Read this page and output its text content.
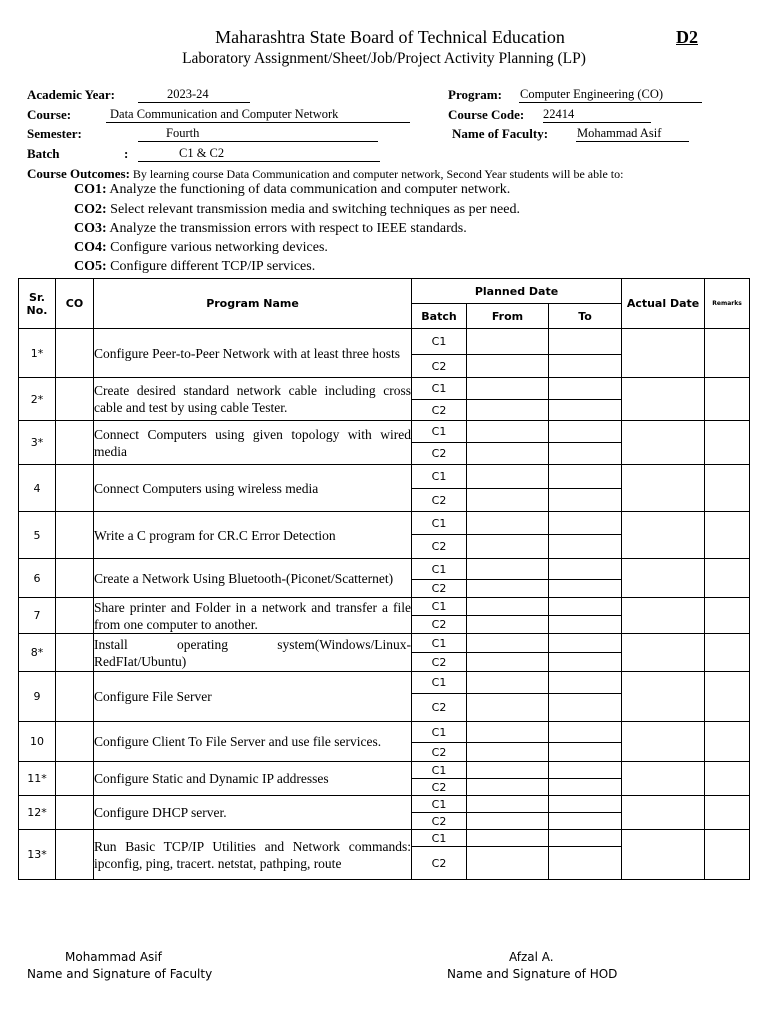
Maharashtra State Board of Technical Education	D2
Laboratory Assignment/Sheet/Job/Project Activity Planning (LP)
Academic Year:	2023-24
Course:	Data Communication and Computer Network
Semester:	Fourth
Batch	:	C1 & C2
Program: Computer Engineering (CO)
Course Code: 22414
Name of Faculty: Mohammad Asif
Course Outcomes: By learning course Data Communication and computer network, Second Year students will be able to:
CO1: Analyze the functioning of data communication and computer network.
CO2: Select relevant transmission media and switching techniques as per need.
CO3: Analyze the transmission errors with respect to IEEE standards.
CO4: Configure various networking devices.
CO5: Configure different TCP/IP services.
Sr. No.	CO	Program Name	Planned Date			Actual Date	Remarks
			Batch	From	To		
1*		Configure Peer-to-Peer Network with at least three hosts	C1				
			C2				
2*		Create desired standard network cable including cross cable and test by using cable Tester.	C1				
			C2				
3*		Connect Computers using given topology with wired media	C1				
			C2				
4		Connect Computers using wireless media	C1				
			C2				
5		Write a C program for CR.C Error Detection	C1				
			C2				
6		Create a Network Using Bluetooth-(Piconet/Scatternet)	C1				
			C2				
7		Share printer and Folder in a network and transfer a file from one computer to another.	C1				
			C2				
8*		Install operating system(Windows/Linux-RedFIat/Ubuntu)	C1				
			C2				
9		Configure File Server	C1				
			C2				
10		Configure Client To File Server and use file services.	C1				
			C2				
11*		Configure Static and Dynamic IP addresses	C1				
			C2				
12*		Configure DHCP server.	C1				
			C2				
13*		Run Basic TCP/IP Utilities and Network commands: ipconfig, ping, tracert. netstat, pathping, route	C1				
			C2				
Mohammad Asif
Name and Signature of Faculty
Afzal A.
Name and Signature of HOD
